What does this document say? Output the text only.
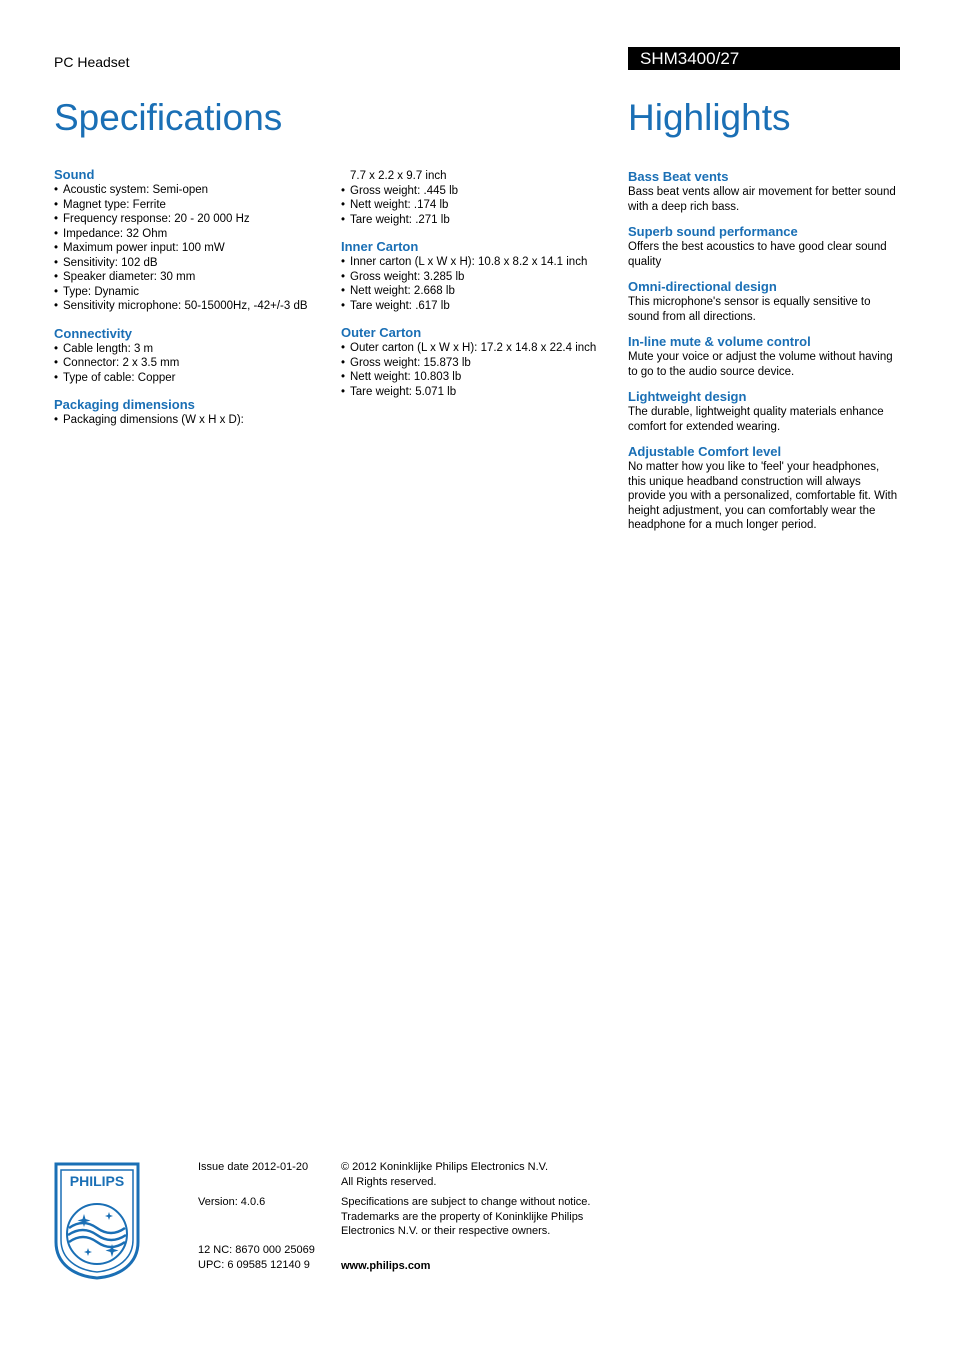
PC Headset	SHM3400/27
Specifications	Highlights
Sound
• Acoustic system: Semi-open
• Magnet type: Ferrite
• Frequency response: 20 - 20 000 Hz
• Impedance: 32 Ohm
• Maximum power input: 100 mW
• Sensitivity: 102 dB
• Speaker diameter: 30 mm
• Type: Dynamic
• Sensitivity microphone: 50-15000Hz, -42+/-3 dB
Connectivity
• Cable length: 3 m
• Connector: 2 x 3.5 mm
• Type of cable: Copper
Packaging dimensions
• Packaging dimensions (W x H x D):
7.7 x 2.2 x 9.7 inch
• Gross weight: .445 lb
• Nett weight: .174 lb
• Tare weight: .271 lb
Inner Carton
• Inner carton (L x W x H): 10.8 x 8.2 x 14.1 inch
• Gross weight: 3.285 lb
• Nett weight: 2.668 lb
• Tare weight: .617 lb
Outer Carton
• Outer carton (L x W x H): 17.2 x 14.8 x 22.4 inch
• Gross weight: 15.873 lb
• Nett weight: 10.803 lb
• Tare weight: 5.071 lb
Bass Beat vents
Bass beat vents allow air movement for better sound with a deep rich bass.
Superb sound performance
Offers the best acoustics to have good clear sound quality
Omni-directional design
This microphone's sensor is equally sensitive to sound from all directions.
In-line mute & volume control
Mute your voice or adjust the volume without having to go to the audio source device.
Lightweight design
The durable, lightweight quality materials enhance comfort for extended wearing.
Adjustable Comfort level
No matter how you like to 'feel' your headphones, this unique headband construction will always provide you with a personalized, comfortable fit. With height adjustment, you can comfortably wear the headphone for a much longer period.
PHILIPS
Issue date 2012-01-20
Version: 4.0.6
12 NC: 8670 000 25069
UPC: 6 09585 12140 9
© 2012 Koninklijke Philips Electronics N.V.
All Rights reserved.
Specifications are subject to change without notice.
Trademarks are the property of Koninklijke Philips
Electronics N.V. or their respective owners.
www.philips.com
